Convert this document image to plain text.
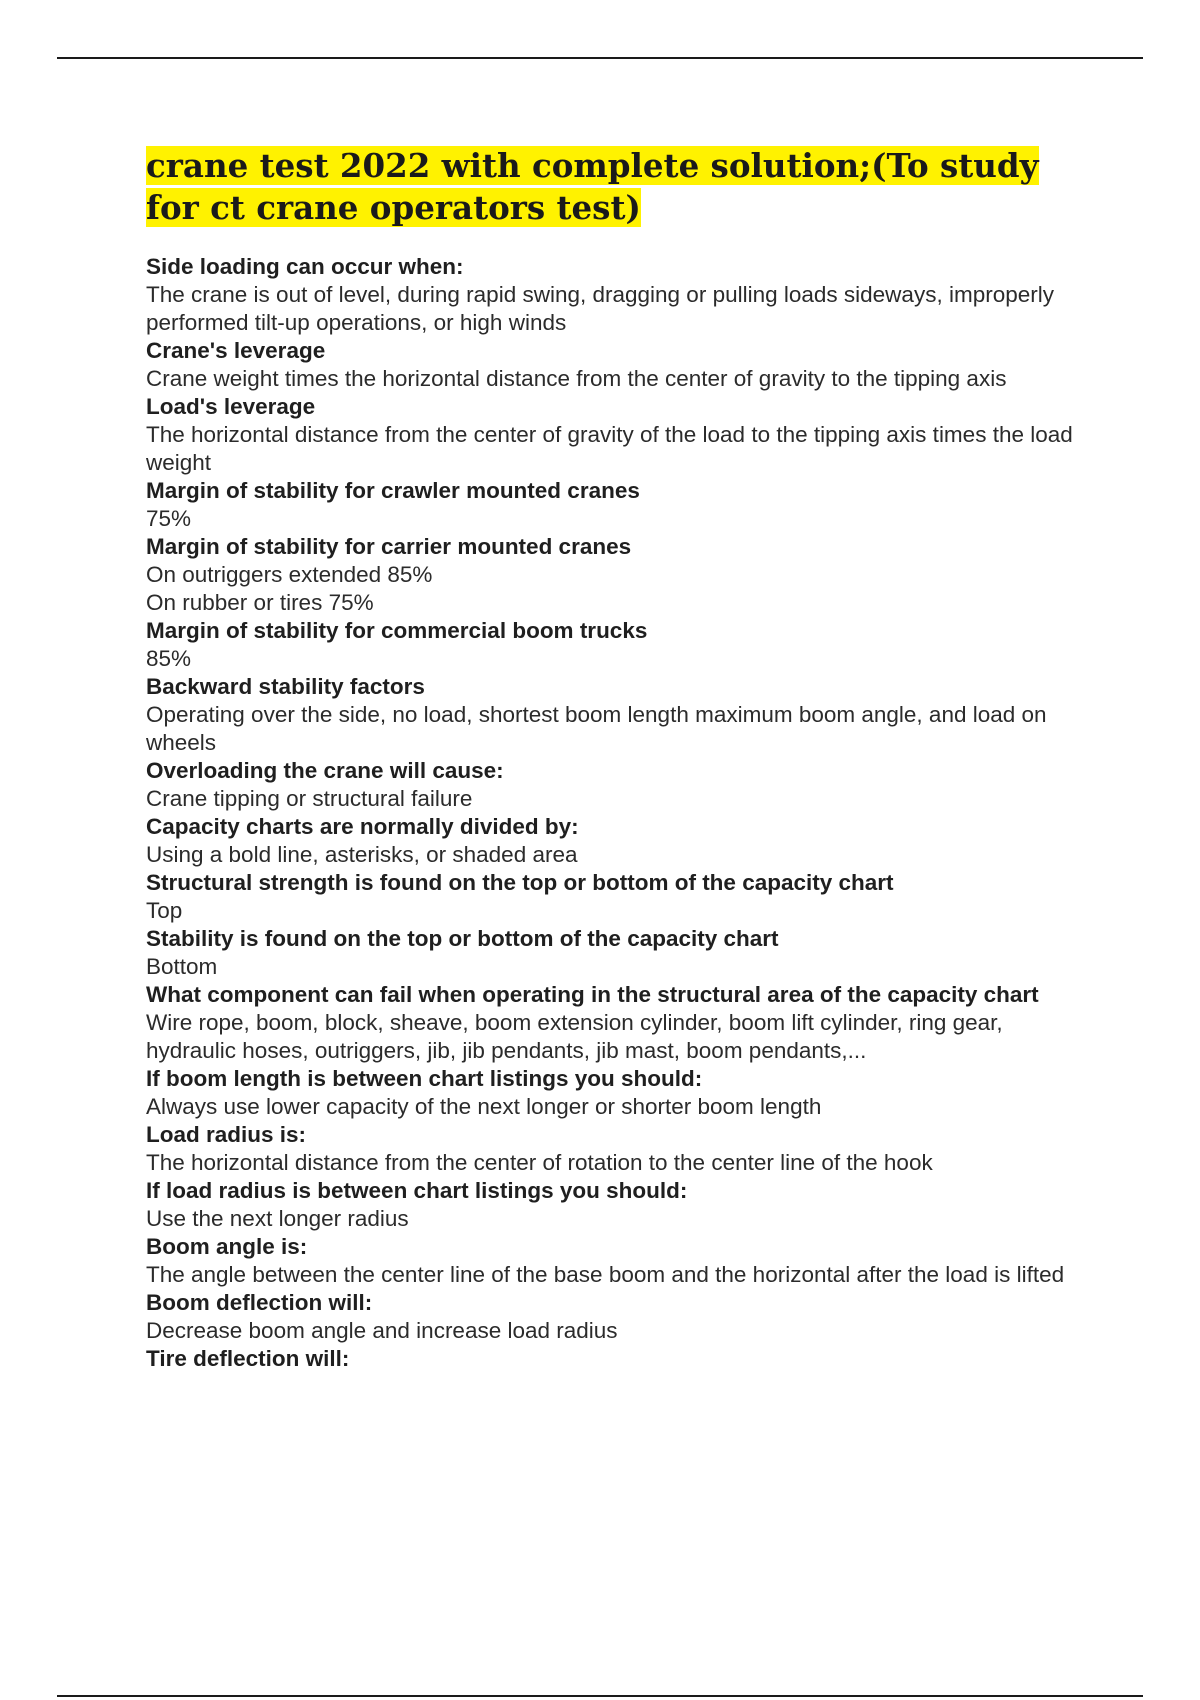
crane test 2022 with complete solution;(To study for ct crane operators test)

Side loading can occur when:

The crane is out of level, during rapid swing, dragging or pulling loads sideways, improperly performed tilt-up operations, or high winds

Crane's leverage

Crane weight times the horizontal distance from the center of gravity to the tipping axis

Load's leverage

The horizontal distance from the center of gravity of the load to the tipping axis times the load weight

Margin of stability for crawler mounted cranes

75%

Margin of stability for carrier mounted cranes

On outriggers extended 85%

On rubber or tires 75%

Margin of stability for commercial boom trucks

85%

Backward stability factors

Operating over the side, no load, shortest boom length maximum boom angle, and load on wheels

Overloading the crane will cause:

Crane tipping or structural failure

Capacity charts are normally divided by:

Using a bold line, asterisks, or shaded area

Structural strength is found on the top or bottom of the capacity chart

Top

Stability is found on the top or bottom of the capacity chart

Bottom

What component can fail when operating in the structural area of the capacity chart

Wire rope, boom, block, sheave, boom extension cylinder, boom lift cylinder, ring gear, hydraulic hoses, outriggers, jib, jib pendants, jib mast, boom pendants,...

If boom length is between chart listings you should:

Always use lower capacity of the next longer or shorter boom length

Load radius is:

The horizontal distance from the center of rotation to the center line of the hook

If load radius is between chart listings you should:

Use the next longer radius

Boom angle is:

The angle between the center line of the base boom and the horizontal after the load is lifted

Boom deflection will:

Decrease boom angle and increase load radius

Tire deflection will:
